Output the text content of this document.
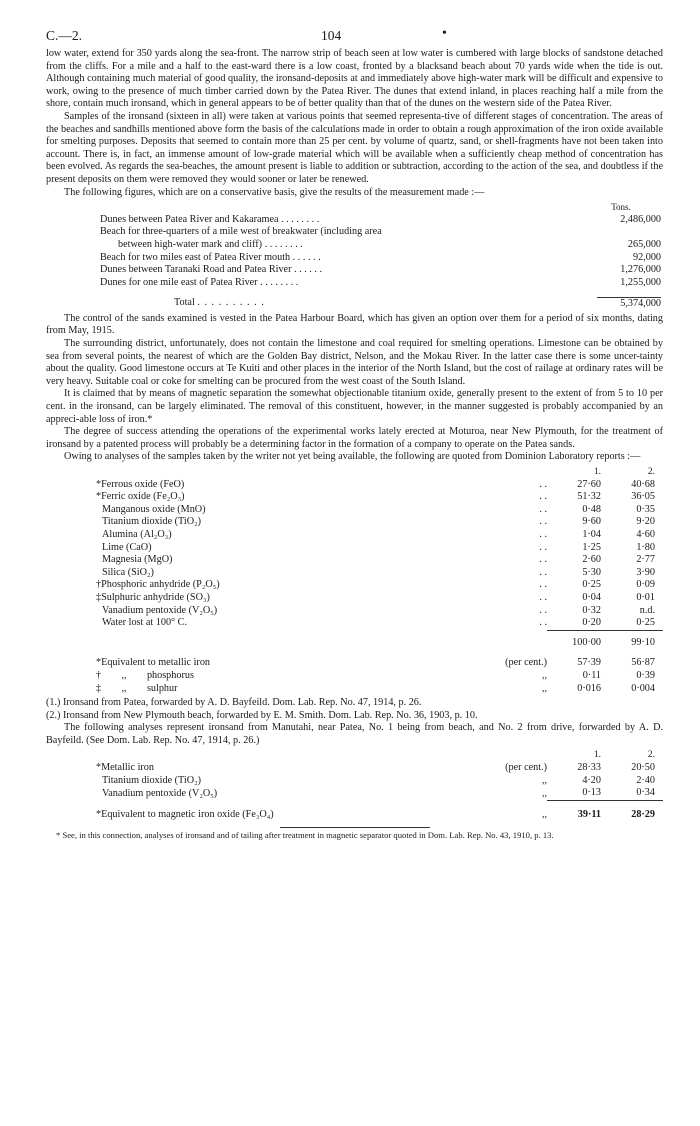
C.—2.	104	•

low water, extend for 350 yards along the sea-front. The narrow strip of beach seen at low water is cumbered with large blocks of sandstone detached from the cliffs. For a mile and a half to the east-ward there is a low coast, fronted by a blacksand beach about 70 yards wide when the tide is out. Although containing much material of good quality, the ironsand-deposits at and immediately above high-water mark will be difficult and expensive to work, owing to the presence of much timber carried down by the Patea River. The dunes that extend inland, in places reaching half a mile from the shore, contain much ironsand, which in general appears to be of better quality than that of the dunes on the western side of the Patea River.

Samples of the ironsand (sixteen in all) were taken at various points that seemed representa-tive of different stages of concentration. The areas of the beaches and sandhills mentioned above form the basis of the calculations made in order to obtain a rough approximation of the iron oxide available for smelting purposes. Deposits that seemed to contain more than 25 per cent. by volume of quartz, sand, or shell-fragments have not been taken into account. There is, in fact, an immense amount of low-grade material which will be available when a sufficiently cheap method of concentration has been evolved. As regards the sea-beaches, the amount present is liable to addition or subtraction, according to the action of the sea, and doubtless if the present deposits on them were removed they would sooner or later be renewed.

The following figures, which are on a conservative basis, give the results of the measurement made :—

	Tons.
Dunes between Patea River and Kakaramea . . . . . . . .	2,486,000
Beach for three-quarters of a mile west of breakwater (including area	
between high-water mark and cliff) . . . . . . . .	265,000
Beach for two miles east of Patea River mouth . . . . . .	92,000
Dunes between Taranaki Road and Patea River . . . . . .	1,276,000
Dunes for one mile east of Patea River . . . . . . . .	1,255,000
Total . . . . . . . . . .	5,374,000

The control of the sands examined is vested in the Patea Harbour Board, which has given an option over them for a period of six months, dating from May, 1915.

The surrounding district, unfortunately, does not contain the limestone and coal required for smelting operations. Limestone can be obtained by sea from several points, the nearest of which are the Golden Bay district, Nelson, and the Mokau River. In the latter case there is some uncer-tainty about the quality. Good limestone occurs at Te Kuiti and other places in the interior of the North Island, but the cost of railage at ordinary rates will be very heavy. Suitable coal or coke for smelting can be procured from the west coast of the South Island.

It is claimed that by means of magnetic separation the somewhat objectionable titanium oxide, generally present to the extent of from 5 to 10 per cent. in the ironsand, can be largely eliminated. The removal of this constituent, however, in the manner suggested is probably accompanied by an appreci-able loss of iron.*

The degree of success attending the operations of the experimental works lately erected at Moturoa, near New Plymouth, for the treatment of ironsand by a patented process will probably be a determining factor in the formation of a company to operate on the Patea sands.

Owing to analyses of the samples taken by the writer not yet being available, the following are quoted from Dominion Laboratory reports :—

		1.	2.
*Ferrous oxide (FeO)	. .	27·60	40·68
*Ferric oxide (Fe₂O₃)	. .	51·32	36·05
Manganous oxide (MnO)	. .	0·48	0·35
Titanium dioxide (TiO₂)	. .	9·60	9·20
Alumina (Al₂O₃)	. .	1·04	4·60
Lime (CaO)	. .	1·25	1·80
Magnesia (MgO)	. .	2·60	2·77
Silica (SiO₂)	. .	5·30	3·90
†Phosphoric anhydride (P₂O₅)	. .	0·25	0·09
‡Sulphuric anhydride (SO₃)	. .	0·04	0·01
Vanadium pentoxide (V₂O₅)	. .	0·32	n.d.
Water lost at 100° C.	. .	0·20	0·25
		100·00	99·10
*Equivalent to metallic iron	(per cent.)	57·39	56·87
†        ,,        phosphorus	,,	0·11	0·39
‡        ,,        sulphur	,,	0·016	0·004

(1.) Ironsand from Patea, forwarded by A. D. Bayfeild. Dom. Lab. Rep. No. 47, 1914, p. 26.

(2.) Ironsand from New Plymouth beach, forwarded by E. M. Smith. Dom. Lab. Rep. No. 36, 1903, p. 10.

The following analyses represent ironsand from Manutahi, near Patea, No. 1 being from beach, and No. 2 from drive, forwarded by A. D. Bayfeild. (See Dom. Lab. Rep. No. 47, 1914, p. 26.)

		1.	2.
*Metallic iron	(per cent.)	28·33	20·50
Titanium dioxide (TiO₂)	,,	4·20	2·40
Vanadium pentoxide (V₂O₅)	,,	0·13	0·34
*Equivalent to magnetic iron oxide (Fe₃O₄)	,,	39·11	28·29

* See, in this connection, analyses of ironsand and of tailing after treatment in magnetic separator quoted in Dom. Lab. Rep. No. 43, 1910, p. 13.
